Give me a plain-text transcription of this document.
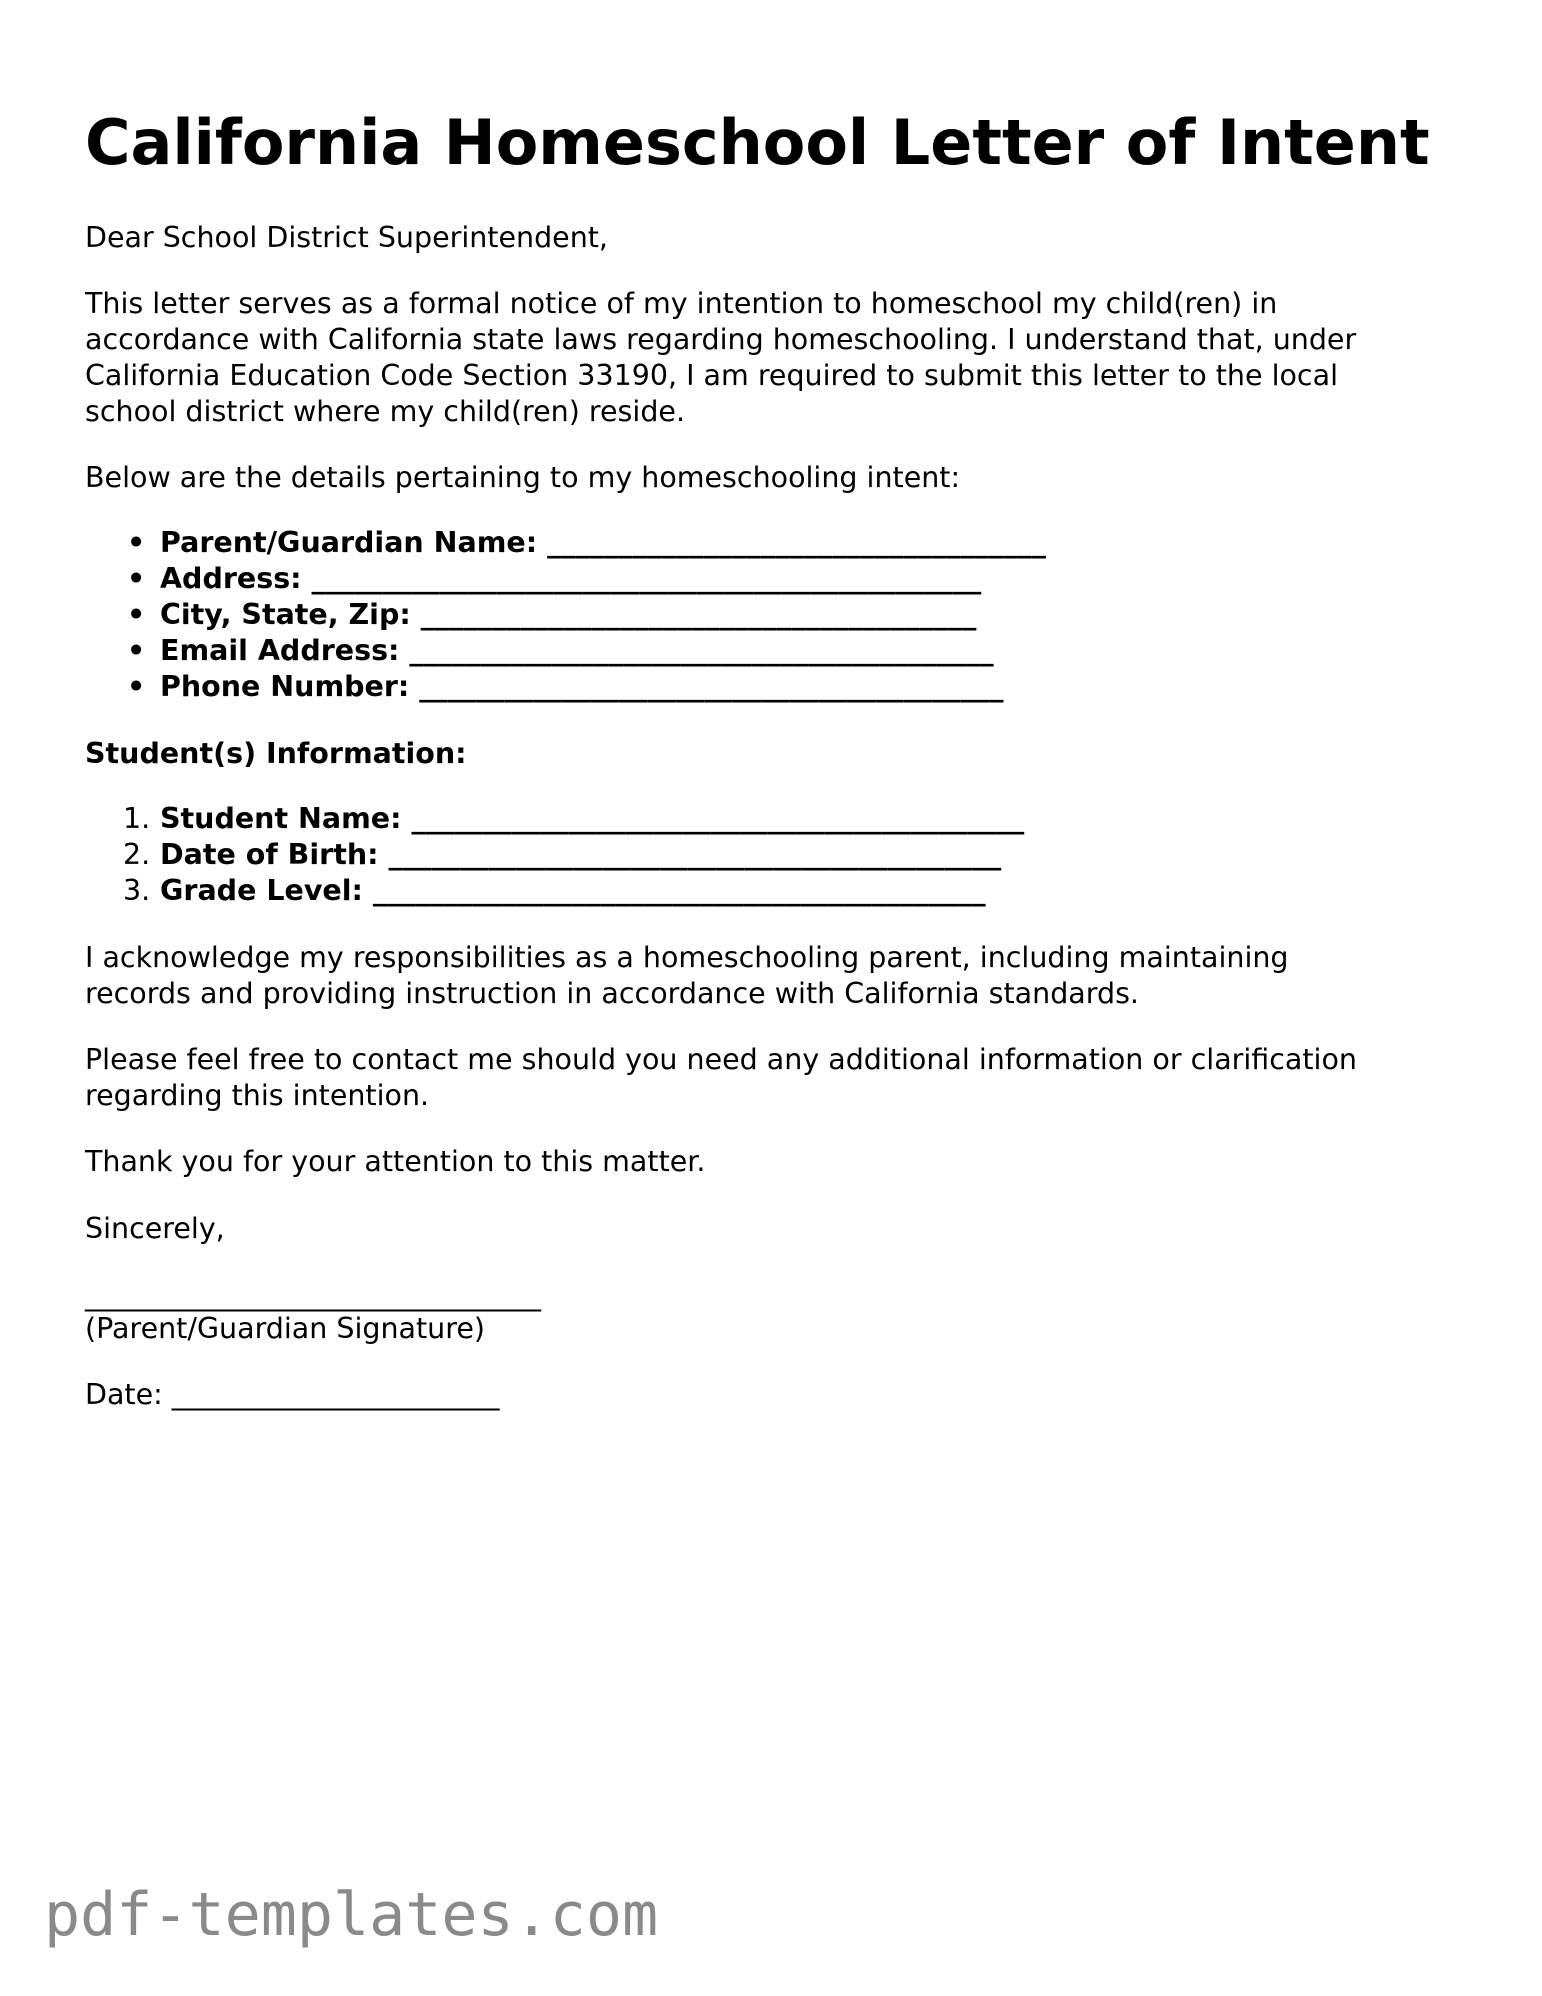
California Homeschool Letter of Intent

Dear School District Superintendent,

This letter serves as a formal notice of my intention to homeschool my child(ren) in
accordance with California state laws regarding homeschooling. I understand that, under
California Education Code Section 33190, I am required to submit this letter to the local
school district where my child(ren) reside.

Below are the details pertaining to my homeschooling intent:

• Parent/Guardian Name: ___________________________________
• Address: _______________________________________________
• City, State, Zip: _______________________________________
• Email Address: _________________________________________
• Phone Number: _________________________________________

Student(s) Information:

1. Student Name: ___________________________________________
2. Date of Birth: ___________________________________________
3. Grade Level: ___________________________________________
I acknowledge my responsibilities as a homeschooling parent, including maintaining
records and providing instruction in accordance with California standards.
Please feel free to contact me should you need any additional information or clarification
regarding this intention.

Thank you for your attention to this matter.

Sincerely,

________________________________

(Parent/Guardian Signature)

Date: _______________________

pdf-templates.com
